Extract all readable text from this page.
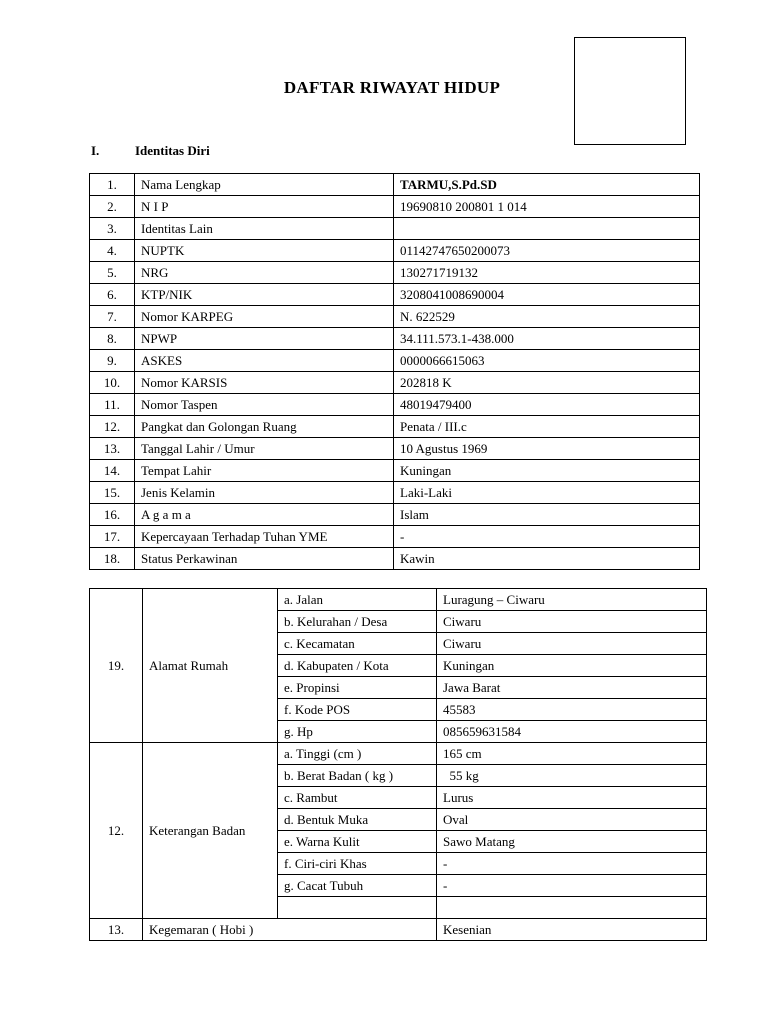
DAFTAR RIWAYAT HIDUP
I.	Identitas Diri
1.	Nama Lengkap	TARMU,S.Pd.SD
2.	N I P	19690810 200801 1 014
3.	Identitas Lain	
4.	NUPTK	01142747650200073
5.	NRG	130271719132
6.	KTP/NIK	3208041008690004
7.	Nomor KARPEG	N. 622529
8.	NPWP	34.111.573.1-438.000
9.	ASKES	0000066615063
10.	Nomor KARSIS	202818 K
11.	Nomor Taspen	48019479400
12.	Pangkat dan Golongan Ruang	Penata / III.c
13.	Tanggal Lahir / Umur	10 Agustus 1969
14.	Tempat Lahir	Kuningan
15.	Jenis Kelamin	Laki-Laki
16.	A g a m a	Islam
17.	Kepercayaan Terhadap Tuhan YME	-
18.	Status Perkawinan	Kawin
19.	Alamat Rumah	a. Jalan	Luragung – Ciwaru
		b. Kelurahan / Desa	Ciwaru
		c. Kecamatan	Ciwaru
		d. Kabupaten / Kota	Kuningan
		e. Propinsi	Jawa Barat
		f. Kode POS	45583
		g. Hp	085659631584
12.	Keterangan Badan	a. Tinggi (cm )	165 cm
		b. Berat Badan ( kg )	55 kg
		c. Rambut	Lurus
		d. Bentuk Muka	Oval
		e. Warna Kulit	Sawo Matang
		f. Ciri-ciri Khas	-
		g. Cacat Tubuh	-

13.	Kegemaran ( Hobi )		Kesenian
